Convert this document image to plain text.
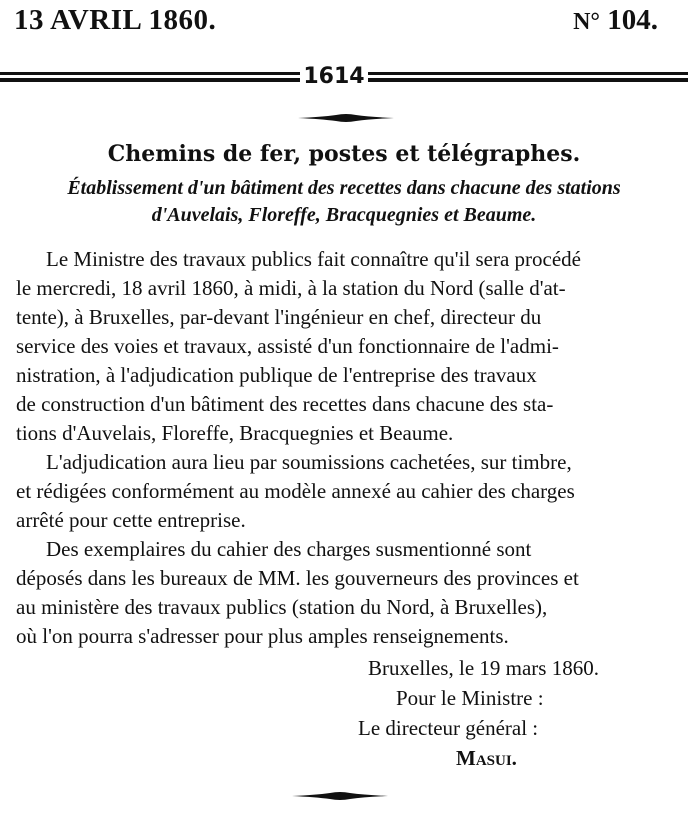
13 AVRIL 1860.	N° 104.
1614
Chemins de fer, postes et télégraphes.
Établissement d'un bâtiment des recettes dans chacune des stations
d'Auvelais, Floreffe, Bracquegnies et Beaume.
Le Ministre des travaux publics fait connaître qu'il sera procédé
le mercredi, 18 avril 1860, à midi, à la station du Nord (salle d'at-
tente), à Bruxelles, par-devant l'ingénieur en chef, directeur du
service des voies et travaux, assisté d'un fonctionnaire de l'admi-
nistration, à l'adjudication publique de l'entreprise des travaux
de construction d'un bâtiment des recettes dans chacune des sta-
tions d'Auvelais, Floreffe, Bracquegnies et Beaume.
L'adjudication aura lieu par soumissions cachetées, sur timbre,
et rédigées conformément au modèle annexé au cahier des charges
arrêté pour cette entreprise.
Des exemplaires du cahier des charges susmentionné sont
déposés dans les bureaux de MM. les gouverneurs des provinces et
au ministère des travaux publics (station du Nord, à Bruxelles),
où l'on pourra s'adresser pour plus amples renseignements.
Bruxelles, le 19 mars 1860.
Pour le Ministre :
Le directeur général :
Masui.
